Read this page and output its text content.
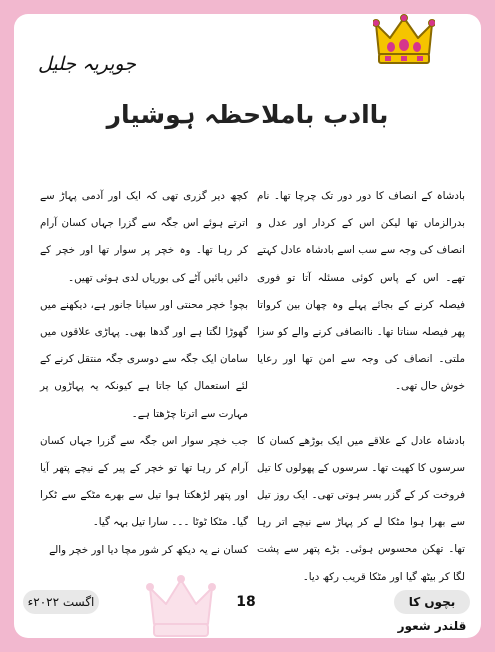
جویریہ جلیل
باادب باملاحظہ ہوشیار

بادشاہ کے انصاف کا دور دور تک چرچا تھا۔ نام بدرالزماں تھا لیکن اس کے کردار اور عدل و انصاف کی وجہ سے سب اسے بادشاہ عادل کہتے تھے۔ اس کے پاس کوئی مسئلہ آتا تو فوری فیصلہ کرنے کے بجائے پہلے وہ چھان بین کرواتا پھر فیصلہ سناتا تھا۔ ناانصافی کرنے والے کو سزا ملتی۔ انصاف کی وجہ سے امن تھا اور رعایا خوش حال تھی۔

بادشاہ عادل کے علاقے میں ایک بوڑھے کسان کا سرسوں کا کھیت تھا۔ سرسوں کے پھولوں کا تیل فروخت کر کے گزر بسر ہوتی تھی۔ ایک روز تیل سے بھرا ہوا مٹکا لے کر پہاڑ سے نیچے اتر رہا تھا۔ تھکن محسوس ہوئی۔ بڑے پتھر سے پشت لگا کر بیٹھ گیا اور مٹکا قریب رکھ دیا۔

کچھ دیر گزری تھی کہ ایک اور آدمی پہاڑ سے اترتے ہوئے اس جگہ سے گزرا جہاں کسان آرام کر رہا تھا۔ وہ خچر پر سوار تھا اور خچر کے دائیں بائیں آٹے کی بوریاں لدی ہوئی تھیں۔

بچو! خچر محنتی اور سیانا جانور ہے، دیکھنے میں گھوڑا لگتا ہے اور گدھا بھی۔ پہاڑی علاقوں میں سامان ایک جگہ سے دوسری جگہ منتقل کرنے کے لئے استعمال کیا جاتا ہے کیونکہ یہ پہاڑوں پر مہارت سے اترتا چڑھتا ہے۔

جب خچر سوار اس جگہ سے گزرا جہاں کسان آرام کر رہا تھا تو خچر کے پیر کے نیچے پتھر آیا اور پتھر لڑھکتا ہوا تیل سے بھرے مٹکے سے ٹکرا گیا۔ مٹکا ٹوٹا ۔۔۔ سارا تیل بہہ گیا۔

کسان نے یہ دیکھ کر شور مچا دیا اور خچر والے

اگست ۲۰۲۲ء	18	بچوں کا قلندر شعور
